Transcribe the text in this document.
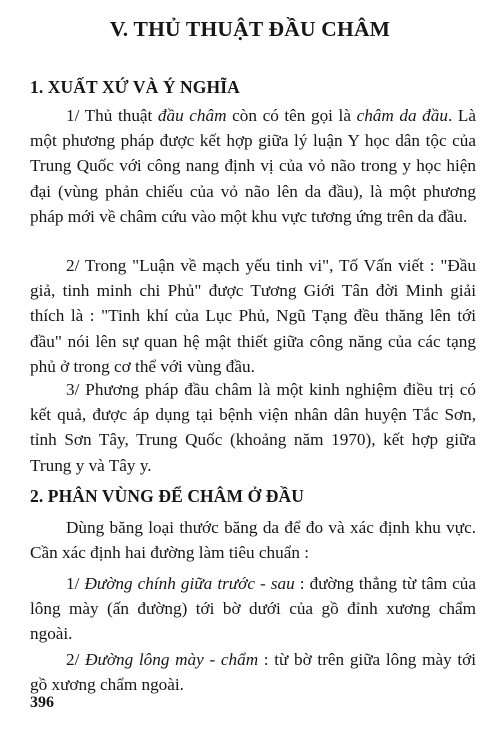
V. THỦ THUẬT ĐẦU CHÂM
1. XUẤT XỨ VÀ Ý NGHĨA
1/ Thủ thuật đầu châm còn có tên gọi là châm da đầu. Là một phương pháp được kết hợp giữa lý luận Y học dân tộc của Trung Quốc với công nang định vị của vỏ não trong y học hiện đại (vùng phản chiếu của vỏ não lên da đầu), là một phương pháp mới về châm cứu vào một khu vực tương ứng trên da đầu.
2/ Trong "Luận về mạch yếu tinh vi", Tố Vấn viết : "Đầu giả, tinh minh chi Phủ" được Tương Giới Tân đời Minh giải thích là : "Tinh khí của Lục Phủ, Ngũ Tạng đều thăng lên tới đầu" nói lên sự quan hệ mật thiết giữa công năng của các tạng phủ ở trong cơ thể với vùng đầu.
3/ Phương pháp đầu châm là một kinh nghiệm điều trị có kết quả, được áp dụng tại bệnh viện nhân dân huyện Tắc Sơn, tỉnh Sơn Tây, Trung Quốc (khoảng năm 1970), kết hợp giữa Trung y và Tây y.
2. PHÂN VÙNG ĐỂ CHÂM Ở ĐẦU
Dùng băng loại thước băng da để đo và xác định khu vực. Cần xác định hai đường làm tiêu chuẩn :
1/ Đường chính giữa trước - sau : đường thẳng từ tâm của lông mày (ấn đường) tới bờ dưới của gồ đỉnh xương chẩm ngoài.
2/ Đường lông mày - chẩm : từ bờ trên giữa lông mày tới gồ xương chẩm ngoài.
396
